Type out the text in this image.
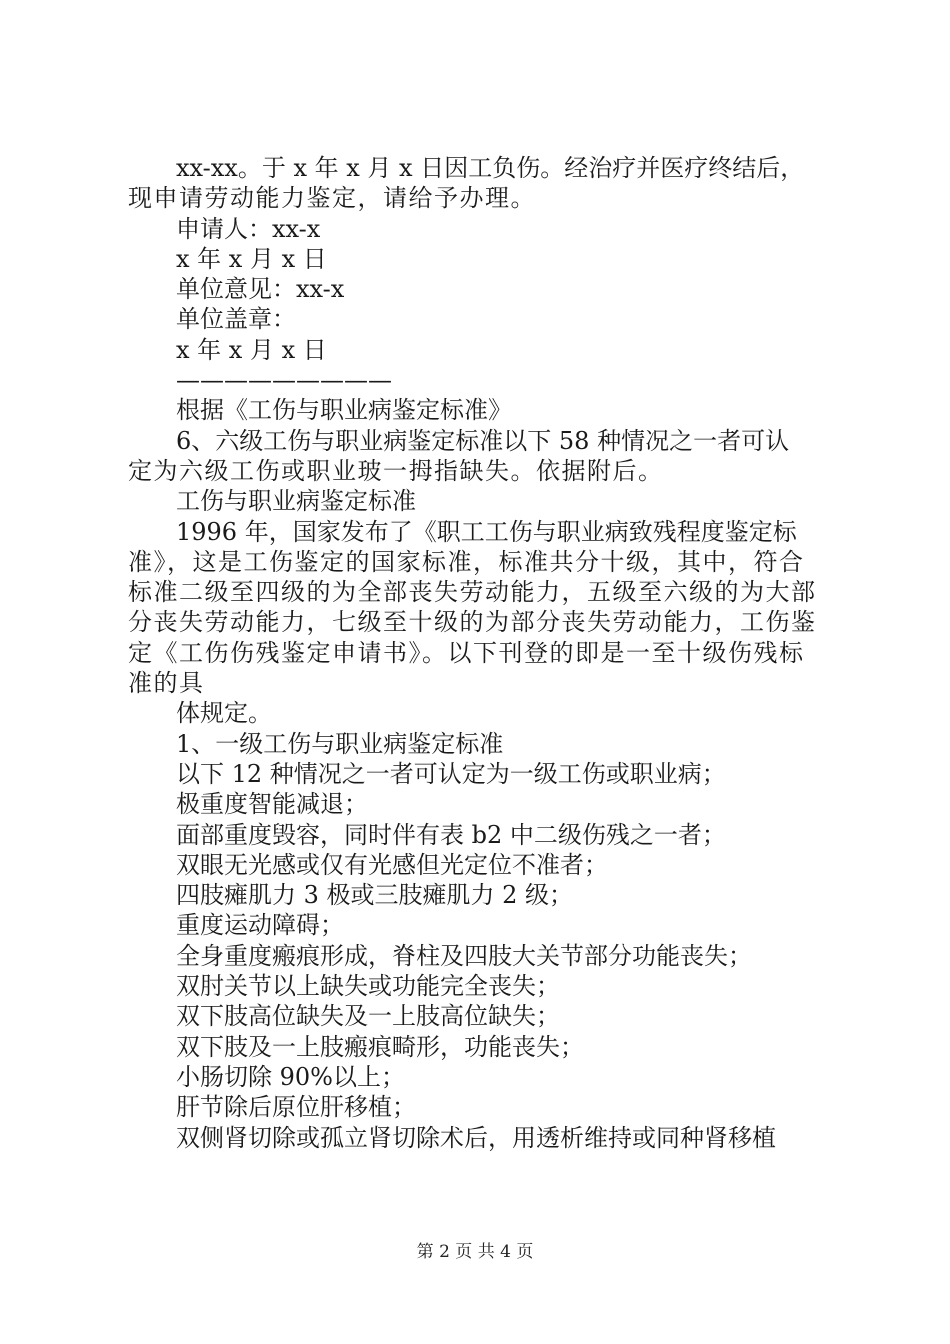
xx-xx。于 x 年 x 月 x 日因工负伤。经治疗并医疗终结后，
现申请劳动能力鉴定，请给予办理。
申请人：xx-x
x 年 x 月 x 日
单位意见：xx-x
单位盖章：
x 年 x 月 x 日
—————————
根据《工伤与职业病鉴定标准》
6、六级工伤与职业病鉴定标准以下 58 种情况之一者可认
定为六级工伤或职业玻一拇指缺失。依据附后。
工伤与职业病鉴定标准
1996 年，国家发布了《职工工伤与职业病致残程度鉴定标
准》，这是工伤鉴定的国家标准，标准共分十级，其中，符合
标准二级至四级的为全部丧失劳动能力，五级至六级的为大部
分丧失劳动能力，七级至十级的为部分丧失劳动能力，工伤鉴
定《工伤伤残鉴定申请书》。以下刊登的即是一至十级伤残标
准的具
体规定。
1、一级工伤与职业病鉴定标准
以下 12 种情况之一者可认定为一级工伤或职业病；
极重度智能减退；
面部重度毁容，同时伴有表 b2 中二级伤残之一者；
双眼无光感或仅有光感但光定位不准者；
四肢瘫肌力 3 极或三肢瘫肌力 2 级；
重度运动障碍；
全身重度瘢痕形成，脊柱及四肢大关节部分功能丧失；
双肘关节以上缺失或功能完全丧失；
双下肢高位缺失及一上肢高位缺失；
双下肢及一上肢瘢痕畸形，功能丧失；
小肠切除 90%以上；
肝节除后原位肝移植；
双侧肾切除或孤立肾切除术后，用透析维持或同种肾移植
第 2 页 共 4 页
